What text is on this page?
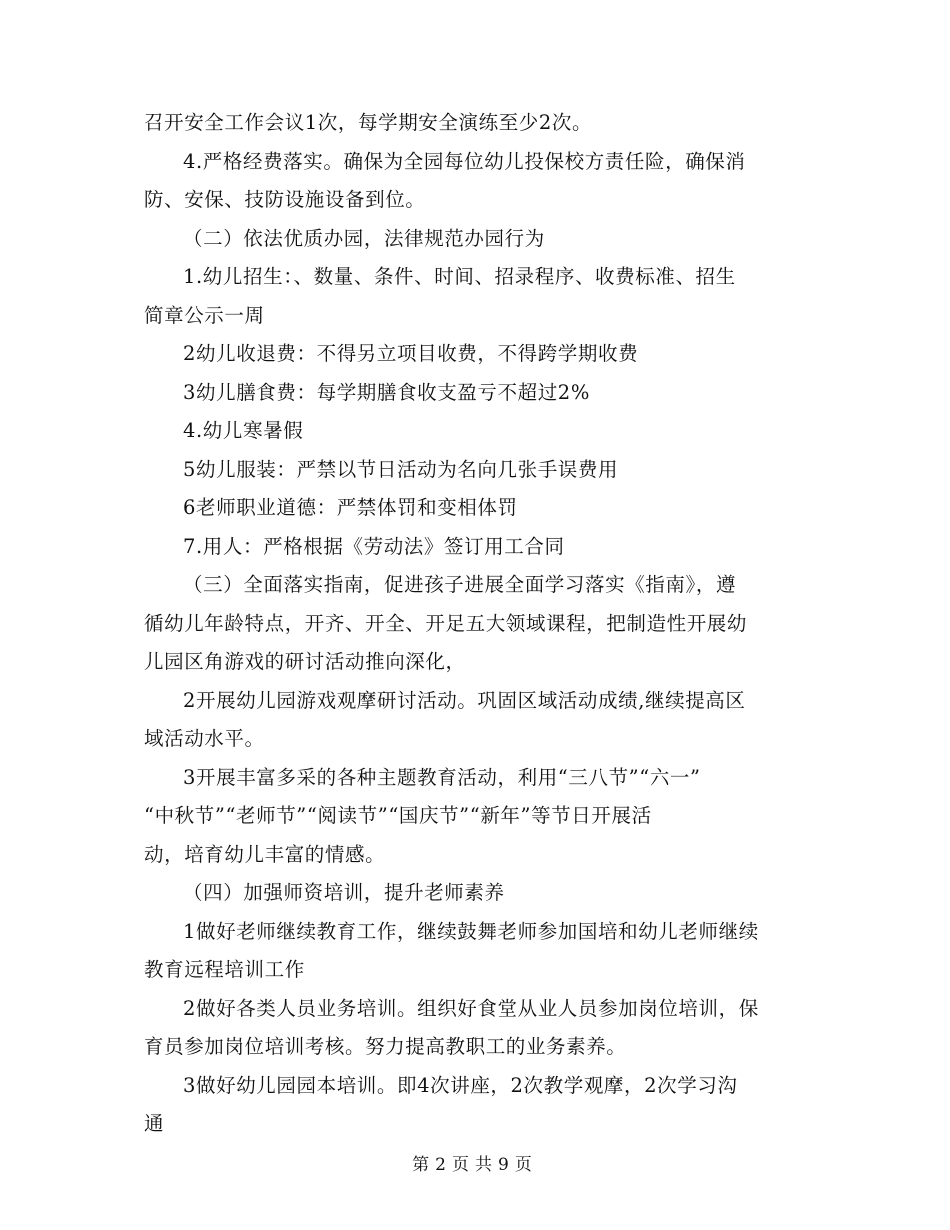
召开安全工作会议1次，每学期安全演练至少2次。
4.严格经费落实。确保为全园每位幼儿投保校方责任险，确保消
防、安保、技防设施设备到位。
（二）依法优质办园，法律规范办园行为
1.幼儿招生：、数量、条件、时间、招录程序、收费标准、招生
简章公示一周
2幼儿收退费：不得另立项目收费，不得跨学期收费
3幼儿膳食费：每学期膳食收支盈亏不超过2%
4.幼儿寒暑假
5幼儿服装：严禁以节日活动为名向几张手误费用
6老师职业道德：严禁体罚和变相体罚
7.用人：严格根据《劳动法》签订用工合同
（三）全面落实指南，促进孩子进展全面学习落实《指南》，遵
循幼儿年龄特点，开齐、开全、开足五大领域课程，把制造性开展幼
儿园区角游戏的研讨活动推向深化，
2开展幼儿园游戏观摩研讨活动。巩固区域活动成绩,继续提高区
域活动水平。
3开展丰富多采的各种主题教育活动，利用“三八节”“六一”
“中秋节”“老师节”“阅读节”“国庆节”“新年”等节日开展活
动，培育幼儿丰富的情感。
（四）加强师资培训，提升老师素养
1做好老师继续教育工作，继续鼓舞老师参加国培和幼儿老师继续
教育远程培训工作
2做好各类人员业务培训。组织好食堂从业人员参加岗位培训，保
育员参加岗位培训考核。努力提高教职工的业务素养。
3做好幼儿园园本培训。即4次讲座，2次教学观摩，2次学习沟
通
第 2 页 共 9 页
